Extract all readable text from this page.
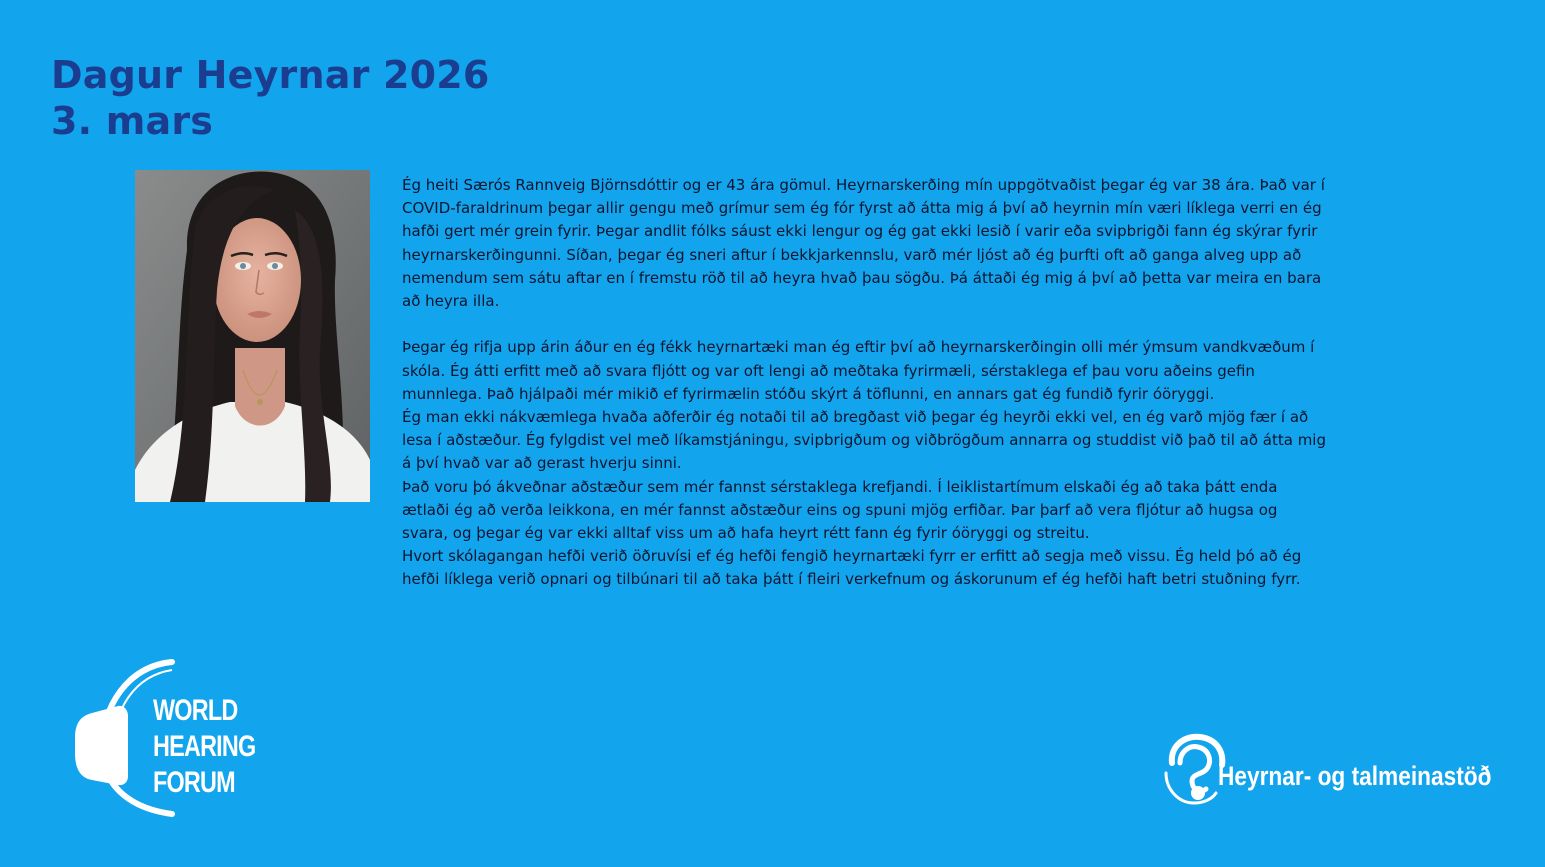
Dagur Heyrnar 2026
3. mars

Ég heiti Særós Rannveig Björnsdóttir og er 43 ára gömul. Heyrnarskerðing mín uppgötvaðist þegar ég var 38 ára. Það var í COVID-faraldrinum þegar allir gengu með grímur sem ég fór fyrst að átta mig á því að heyrnin mín væri líklega verri en ég hafði gert mér grein fyrir. Þegar andlit fólks sáust ekki lengur og ég gat ekki lesið í varir eða svipbrigði fann ég skýrar fyrir heyrnarskerðingunni. Síðan, þegar ég sneri aftur í bekkjarkennslu, varð mér ljóst að ég þurfti oft að ganga alveg upp að nemendum sem sátu aftar en í fremstu röð til að heyra hvað þau sögðu. Þá áttaði ég mig á því að þetta var meira en bara að heyra illa.

Þegar ég rifja upp árin áður en ég fékk heyrnartæki man ég eftir því að heyrnarskerðingin olli mér ýmsum vandkvæðum í skóla. Ég átti erfitt með að svara fljótt og var oft lengi að meðtaka fyrirmæli, sérstaklega ef þau voru aðeins gefin munnlega. Það hjálpaði mér mikið ef fyrirmælin stóðu skýrt á töflunni, en annars gat ég fundið fyrir óöryggi.

Ég man ekki nákvæmlega hvaða aðferðir ég notaði til að bregðast við þegar ég heyrði ekki vel, en ég varð mjög fær í að lesa í aðstæður. Ég fylgdist vel með líkamstjáningu, svipbrigðum og viðbrögðum annarra og studdist við það til að átta mig á því hvað var að gerast hverju sinni.

Það voru þó ákveðnar aðstæður sem mér fannst sérstaklega krefjandi. Í leiklistartímum elskaði ég að taka þátt enda ætlaði ég að verða leikkona, en mér fannst aðstæður eins og spuni mjög erfiðar. Þar þarf að vera fljótur að hugsa og svara, og þegar ég var ekki alltaf viss um að hafa heyrt rétt fann ég fyrir óöryggi og streitu.

Hvort skólagangan hefði verið öðruvísi ef ég hefði fengið heyrnartæki fyrr er erfitt að segja með vissu. Ég held þó að ég hefði líklega verið opnari og tilbúnari til að taka þátt í fleiri verkefnum og áskorunum ef ég hefði haft betri stuðning fyrr.

WORLD
HEARING
FORUM	Heyrnar- og talmeinastöð
